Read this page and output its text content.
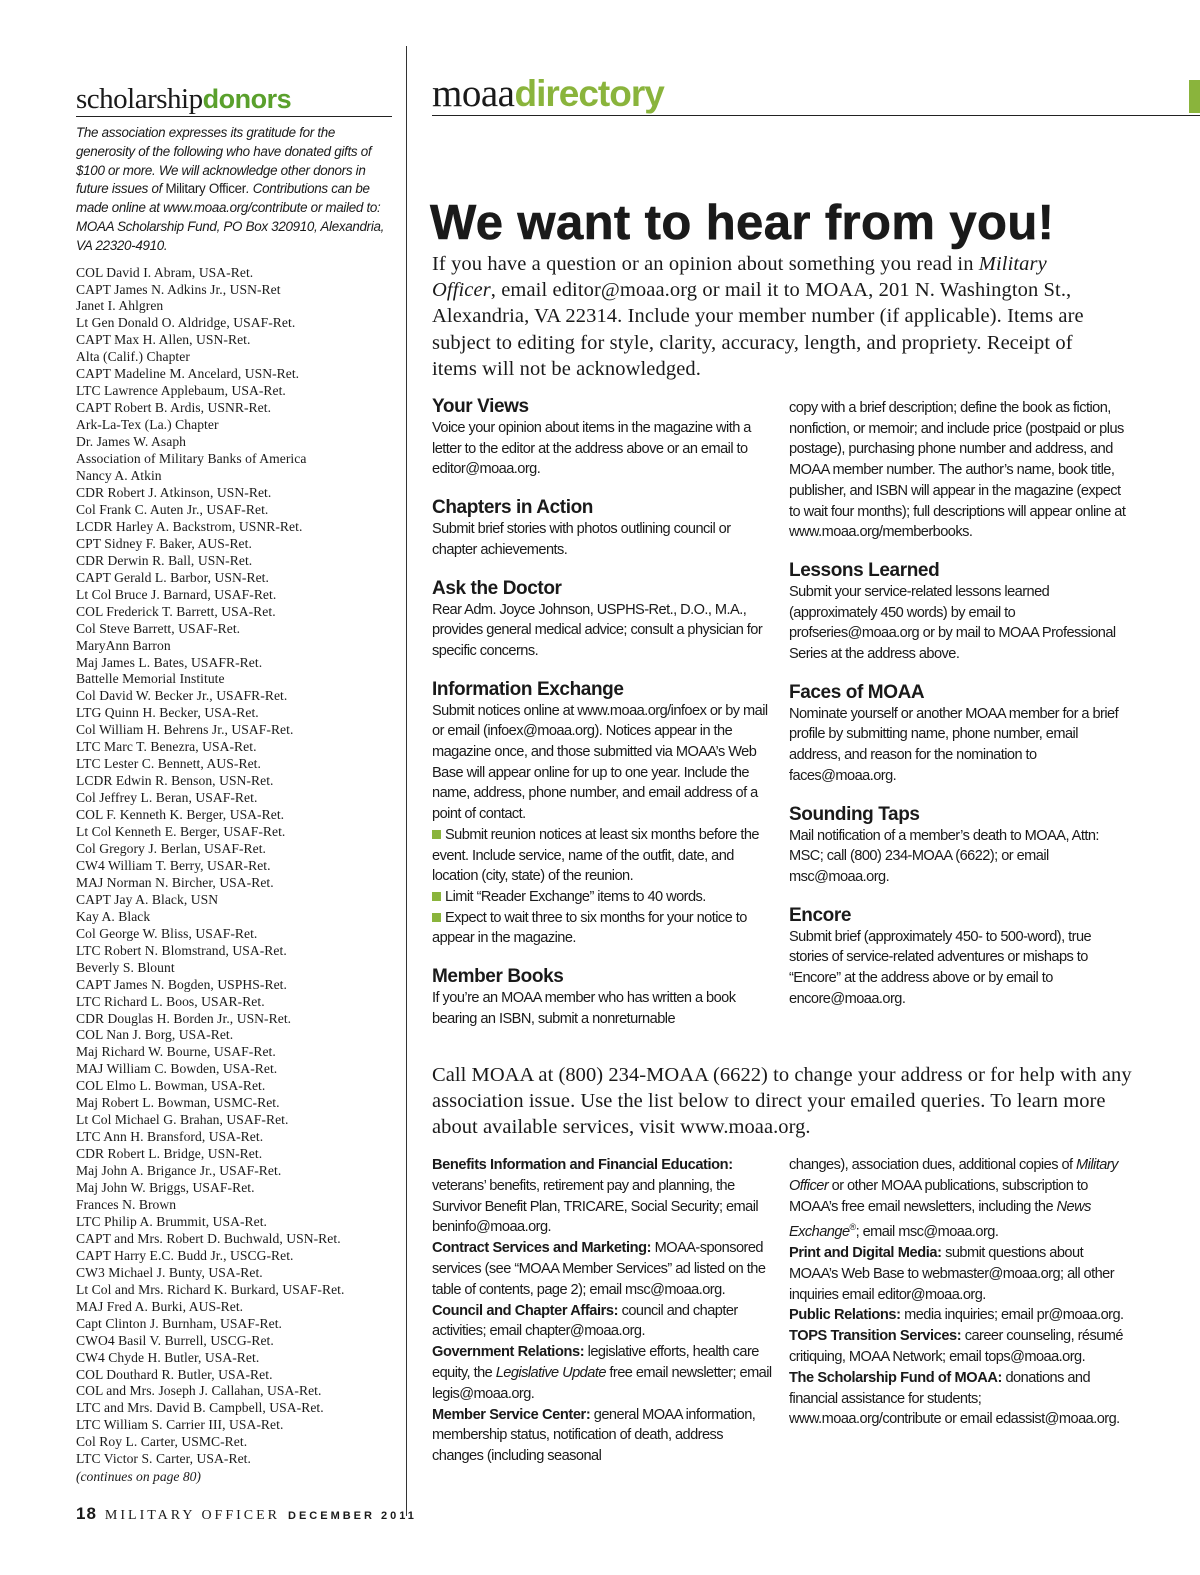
scholarshipdonors
The association expresses its gratitude for the generosity of the following who have donated gifts of $100 or more. We will acknowledge other donors in future issues of Military Officer. Contributions can be made online at www.moaa.org/contribute or mailed to: MOAA Scholarship Fund, PO Box 320910, Alexandria, VA 22320-4910.
COL David I. Abram, USA-Ret.
CAPT James N. Adkins Jr., USN-Ret
Janet I. Ahlgren
Lt Gen Donald O. Aldridge, USAF-Ret.
CAPT Max H. Allen, USN-Ret.
Alta (Calif.) Chapter
CAPT Madeline M. Ancelard, USN-Ret.
LTC Lawrence Applebaum, USA-Ret.
CAPT Robert B. Ardis, USNR-Ret.
Ark-La-Tex (La.) Chapter
Dr. James W. Asaph
Association of Military Banks of America
Nancy A. Atkin
CDR Robert J. Atkinson, USN-Ret.
Col Frank C. Auten Jr., USAF-Ret.
LCDR Harley A. Backstrom, USNR-Ret.
CPT Sidney F. Baker, AUS-Ret.
CDR Derwin R. Ball, USN-Ret.
CAPT Gerald L. Barbor, USN-Ret.
Lt Col Bruce J. Barnard, USAF-Ret.
COL Frederick T. Barrett, USA-Ret.
Col Steve Barrett, USAF-Ret.
MaryAnn Barron
Maj James L. Bates, USAFR-Ret.
Battelle Memorial Institute
Col David W. Becker Jr., USAFR-Ret.
LTG Quinn H. Becker, USA-Ret.
Col William H. Behrens Jr., USAF-Ret.
LTC Marc T. Benezra, USA-Ret.
LTC Lester C. Bennett, AUS-Ret.
LCDR Edwin R. Benson, USN-Ret.
Col Jeffrey L. Beran, USAF-Ret.
COL F. Kenneth K. Berger, USA-Ret.
Lt Col Kenneth E. Berger, USAF-Ret.
Col Gregory J. Berlan, USAF-Ret.
CW4 William T. Berry, USAR-Ret.
MAJ Norman N. Bircher, USA-Ret.
CAPT Jay A. Black, USN
Kay A. Black
Col George W. Bliss, USAF-Ret.
LTC Robert N. Blomstrand, USA-Ret.
Beverly S. Blount
CAPT James N. Bogden, USPHS-Ret.
LTC Richard L. Boos, USAR-Ret.
CDR Douglas H. Borden Jr., USN-Ret.
COL Nan J. Borg, USA-Ret.
Maj Richard W. Bourne, USAF-Ret.
MAJ William C. Bowden, USA-Ret.
COL Elmo L. Bowman, USA-Ret.
Maj Robert L. Bowman, USMC-Ret.
Lt Col Michael G. Brahan, USAF-Ret.
LTC Ann H. Bransford, USA-Ret.
CDR Robert L. Bridge, USN-Ret.
Maj John A. Brigance Jr., USAF-Ret.
Maj John W. Briggs, USAF-Ret.
Frances N. Brown
LTC Philip A. Brummit, USA-Ret.
CAPT and Mrs. Robert D. Buchwald, USN-Ret.
CAPT Harry E.C. Budd Jr., USCG-Ret.
CW3 Michael J. Bunty, USA-Ret.
Lt Col and Mrs. Richard K. Burkard, USAF-Ret.
MAJ Fred A. Burki, AUS-Ret.
Capt Clinton J. Burnham, USAF-Ret.
CWO4 Basil V. Burrell, USCG-Ret.
CW4 Chyde H. Butler, USA-Ret.
COL Douthard R. Butler, USA-Ret.
COL and Mrs. Joseph J. Callahan, USA-Ret.
LTC and Mrs. David B. Campbell, USA-Ret.
LTC William S. Carrier III, USA-Ret.
Col Roy L. Carter, USMC-Ret.
LTC Victor S. Carter, USA-Ret.
(continues on page 80)
moaadirectory
We want to hear from you!
If you have a question or an opinion about something you read in Military Officer, email editor@moaa.org or mail it to MOAA, 201 N. Washington St., Alexandria, VA 22314. Include your member number (if applicable). Items are subject to editing for style, clarity, accuracy, length, and propriety. Receipt of items will not be acknowledged.
Your Views

Voice your opinion about items in the magazine with a letter to the editor at the address above or an email to editor@moaa.org.

Chapters in Action

Submit brief stories with photos outlining council or chapter achievements.

Ask the Doctor

Rear Adm. Joyce Johnson, USPHS-Ret., D.O., M.A., provides general medical advice; consult a physician for specific concerns.

Information Exchange

Submit notices online at www.moaa.org/infoex or by mail or email (infoex@moaa.org). Notices appear in the magazine once, and those submitted via MOAA’s Web Base will appear online for up to one year. Include the name, address, phone number, and email address of a point of contact.

Submit reunion notices at least six months before the event. Include service, name of the outfit, date, and location (city, state) of the reunion.

Limit “Reader Exchange” items to 40 words.

Expect to wait three to six months for your notice to appear in the magazine.

Member Books

If you’re an MOAA member who has written a book bearing an ISBN, submit a nonreturnable

copy with a brief description; define the book as fiction, nonfiction, or memoir; and include price (postpaid or plus postage), purchasing phone number and address, and MOAA member number. The author’s name, book title, publisher, and ISBN will appear in the magazine (expect to wait four months); full descriptions will appear online at www.moaa.org/memberbooks.

Lessons Learned

Submit your service-related lessons learned (approximately 450 words) by email to profseries@moaa.org or by mail to MOAA Professional Series at the address above.

Faces of MOAA

Nominate yourself or another MOAA member for a brief profile by submitting name, phone number, email address, and reason for the nomination to faces@moaa.org.

Sounding Taps

Mail notification of a member’s death to MOAA, Attn: MSC; call (800) 234-MOAA (6622); or email msc@moaa.org.

Encore

Submit brief (approximately 450- to 500-word), true stories of service-related adventures or mishaps to “Encore” at the address above or by email to encore@moaa.org.

Call MOAA at (800) 234-MOAA (6622) to change your address or for help with any association issue. Use the list below to direct your emailed queries. To learn more about available services, visit www.moaa.org.

Benefits Information and Financial Education: veterans’ benefits, retirement pay and planning, the Survivor Benefit Plan, TRICARE, Social Security; email beninfo@moaa.org.

Contract Services and Marketing: MOAA-sponsored services (see “MOAA Member Services” ad listed on the table of contents, page 2); email msc@moaa.org.

Council and Chapter Affairs: council and chapter activities; email chapter@moaa.org.

Government Relations: legislative efforts, health care equity, the Legislative Update free email newsletter; email legis@moaa.org.

Member Service Center: general MOAA information, membership status, notification of death, address changes (including seasonal

changes), association dues, additional copies of Military Officer or other MOAA publications, subscription to MOAA’s free email newsletters, including the News Exchange®; email msc@moaa.org.

Print and Digital Media: submit questions about MOAA’s Web Base to webmaster@moaa.org; all other inquiries email editor@moaa.org.

Public Relations: media inquiries; email pr@moaa.org.

TOPS Transition Services: career counseling, résumé critiquing, MOAA Network; email tops@moaa.org.

The Scholarship Fund of MOAA: donations and financial assistance for students; www.moaa.org/contribute or email edassist@moaa.org.

18 MILITARY OFFICER DECEMBER 2011
